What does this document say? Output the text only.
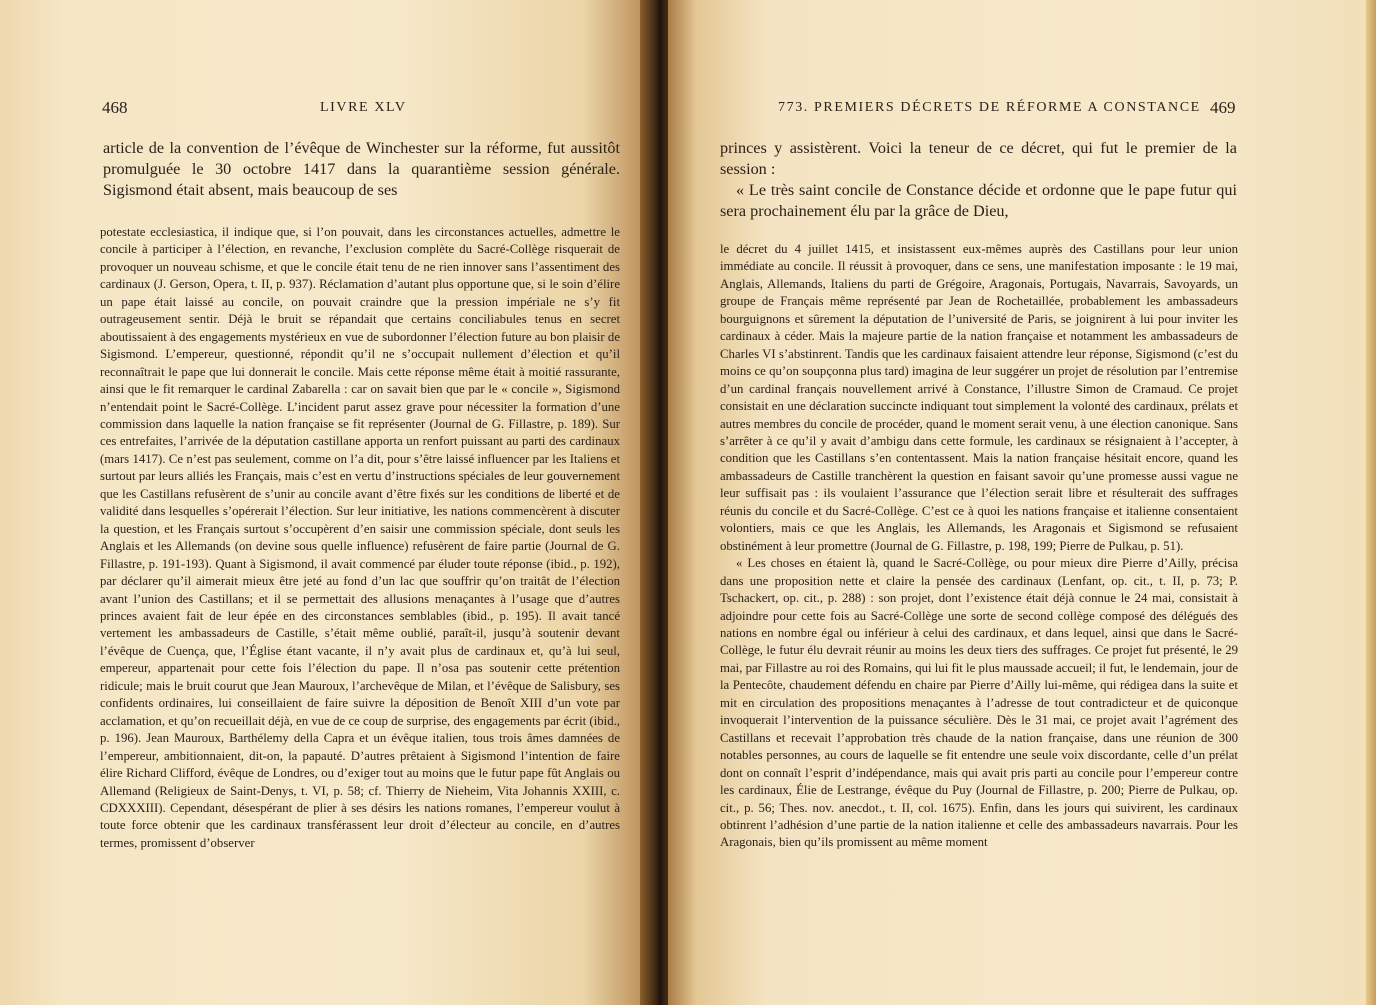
468	LIVRE XLV

article de la convention de l’évêque de Winchester sur la réforme, fut aussitôt promulguée le 30 octobre 1417 dans la quarantième session générale. Sigismond était absent, mais beaucoup de ses

potestate ecclesiastica, il indique que, si l’on pouvait, dans les circonstances actuelles, admettre le concile à participer à l’élection, en revanche, l’exclusion complète du Sacré-Collège risquerait de provoquer un nouveau schisme, et que le concile était tenu de ne rien innover sans l’assentiment des cardinaux (J. Gerson, Opera, t. II, p. 937). Réclamation d’autant plus opportune que, si le soin d’élire un pape était laissé au concile, on pouvait craindre que la pression impériale ne s’y fit outrageusement sentir. Déjà le bruit se répandait que certains conciliabules tenus en secret aboutissaient à des engagements mystérieux en vue de subordonner l’élection future au bon plaisir de Sigismond. L’empereur, questionné, répondit qu’il ne s’occupait nullement d’élection et qu’il reconnaîtrait le pape que lui donnerait le concile. Mais cette réponse même était à moitié rassurante, ainsi que le fit remarquer le cardinal Zabarella : car on savait bien que par le « concile », Sigismond n’entendait point le Sacré-Collège. L’incident parut assez grave pour nécessiter la formation d’une commission dans laquelle la nation française se fit représenter (Journal de G. Fillastre, p. 189). Sur ces entrefaites, l’arrivée de la députation castillane apporta un renfort puissant au parti des cardinaux (mars 1417). Ce n’est pas seulement, comme on l’a dit, pour s’être laissé influencer par les Italiens et surtout par leurs alliés les Français, mais c’est en vertu d’instructions spéciales de leur gouvernement que les Castillans refusèrent de s’unir au concile avant d’être fixés sur les conditions de liberté et de validité dans lesquelles s’opérerait l’élection. Sur leur initiative, les nations commencèrent à discuter la question, et les Français surtout s’occupèrent d’en saisir une commission spéciale, dont seuls les Anglais et les Allemands (on devine sous quelle influence) refusèrent de faire partie (Journal de G. Fillastre, p. 191-193). Quant à Sigismond, il avait commencé par éluder toute réponse (ibid., p. 192), par déclarer qu’il aimerait mieux être jeté au fond d’un lac que souffrir qu’on traitât de l’élection avant l’union des Castillans; et il se permettait des allusions menaçantes à l’usage que d’autres princes avaient fait de leur épée en des circonstances semblables (ibid., p. 195). Il avait tancé vertement les ambassadeurs de Castille, s’était même oublié, paraît-il, jusqu’à soutenir devant l’évêque de Cuença, que, l’Église étant vacante, il n’y avait plus de cardinaux et, qu’à lui seul, empereur, appartenait pour cette fois l’élection du pape. Il n’osa pas soutenir cette prétention ridicule; mais le bruit courut que Jean Mauroux, l’archevêque de Milan, et l’évêque de Salisbury, ses confidents ordinaires, lui conseillaient de faire suivre la déposition de Benoît XIII d’un vote par acclamation, et qu’on recueillait déjà, en vue de ce coup de surprise, des engagements par écrit (ibid., p. 196). Jean Mauroux, Barthélemy della Capra et un évêque italien, tous trois âmes damnées de l’empereur, ambitionnaient, dit-on, la papauté. D’autres prêtaient à Sigismond l’intention de faire élire Richard Clifford, évêque de Londres, ou d’exiger tout au moins que le futur pape fût Anglais ou Allemand (Religieux de Saint-Denys, t. VI, p. 58; cf. Thierry de Nieheim, Vita Johannis XXIII, c. CDXXXIII). Cependant, désespérant de plier à ses désirs les nations romanes, l’empereur voulut à toute force obtenir que les cardinaux transférassent leur droit d’électeur au concile, en d’autres termes, promissent d’observer

773. PREMIERS DÉCRETS DE RÉFORME A CONSTANCE 469

princes y assistèrent. Voici la teneur de ce décret, qui fut le premier de la session :

« Le très saint concile de Constance décide et ordonne que le pape futur qui sera prochainement élu par la grâce de Dieu,

le décret du 4 juillet 1415, et insistassent eux-mêmes auprès des Castillans pour leur union immédiate au concile. Il réussit à provoquer, dans ce sens, une manifestation imposante : le 19 mai, Anglais, Allemands, Italiens du parti de Grégoire, Aragonais, Portugais, Navarrais, Savoyards, un groupe de Français même représenté par Jean de Rochetaillée, probablement les ambassadeurs bourguignons et sûrement la députation de l’université de Paris, se joignirent à lui pour inviter les cardinaux à céder. Mais la majeure partie de la nation française et notamment les ambassadeurs de Charles VI s’abstinrent. Tandis que les cardinaux faisaient attendre leur réponse, Sigismond (c’est du moins ce qu’on soupçonna plus tard) imagina de leur suggérer un projet de résolution par l’entremise d’un cardinal français nouvellement arrivé à Constance, l’illustre Simon de Cramaud. Ce projet consistait en une déclaration succincte indiquant tout simplement la volonté des cardinaux, prélats et autres membres du concile de procéder, quand le moment serait venu, à une élection canonique. Sans s’arrêter à ce qu’il y avait d’ambigu dans cette formule, les cardinaux se résignaient à l’accepter, à condition que les Castillans s’en contentassent. Mais la nation française hésitait encore, quand les ambassadeurs de Castille tranchèrent la question en faisant savoir qu’une promesse aussi vague ne leur suffisait pas : ils voulaient l’assurance que l’élection serait libre et résulterait des suffrages réunis du concile et du Sacré-Collège. C’est ce à quoi les nations française et italienne consentaient volontiers, mais ce que les Anglais, les Allemands, les Aragonais et Sigismond se refusaient obstinément à leur promettre (Journal de G. Fillastre, p. 198, 199; Pierre de Pulkau, p. 51).

« Les choses en étaient là, quand le Sacré-Collège, ou pour mieux dire Pierre d’Ailly, précisa dans une proposition nette et claire la pensée des cardinaux (Lenfant, op. cit., t. II, p. 73; P. Tschackert, op. cit., p. 288) : son projet, dont l’existence était déjà connue le 24 mai, consistait à adjoindre pour cette fois au Sacré-Collège une sorte de second collège composé des délégués des nations en nombre égal ou inférieur à celui des cardinaux, et dans lequel, ainsi que dans le Sacré-Collège, le futur élu devrait réunir au moins les deux tiers des suffrages. Ce projet fut présenté, le 29 mai, par Fillastre au roi des Romains, qui lui fit le plus maussade accueil; il fut, le lendemain, jour de la Pentecôte, chaudement défendu en chaire par Pierre d’Ailly lui-même, qui rédigea dans la suite et mit en circulation des propositions menaçantes à l’adresse de tout contradicteur et de quiconque invoquerait l’intervention de la puissance séculière. Dès le 31 mai, ce projet avait l’agrément des Castillans et recevait l’approbation très chaude de la nation française, dans une réunion de 300 notables personnes, au cours de laquelle se fit entendre une seule voix discordante, celle d’un prélat dont on connaît l’esprit d’indépendance, mais qui avait pris parti au concile pour l’empereur contre les cardinaux, Élie de Lestrange, évêque du Puy (Journal de Fillastre, p. 200; Pierre de Pulkau, op. cit., p. 56; Thes. nov. anecdot., t. II, col. 1675). Enfin, dans les jours qui suivirent, les cardinaux obtinrent l’adhésion d’une partie de la nation italienne et celle des ambassadeurs navarrais. Pour les Aragonais, bien qu’ils promissent au même moment
